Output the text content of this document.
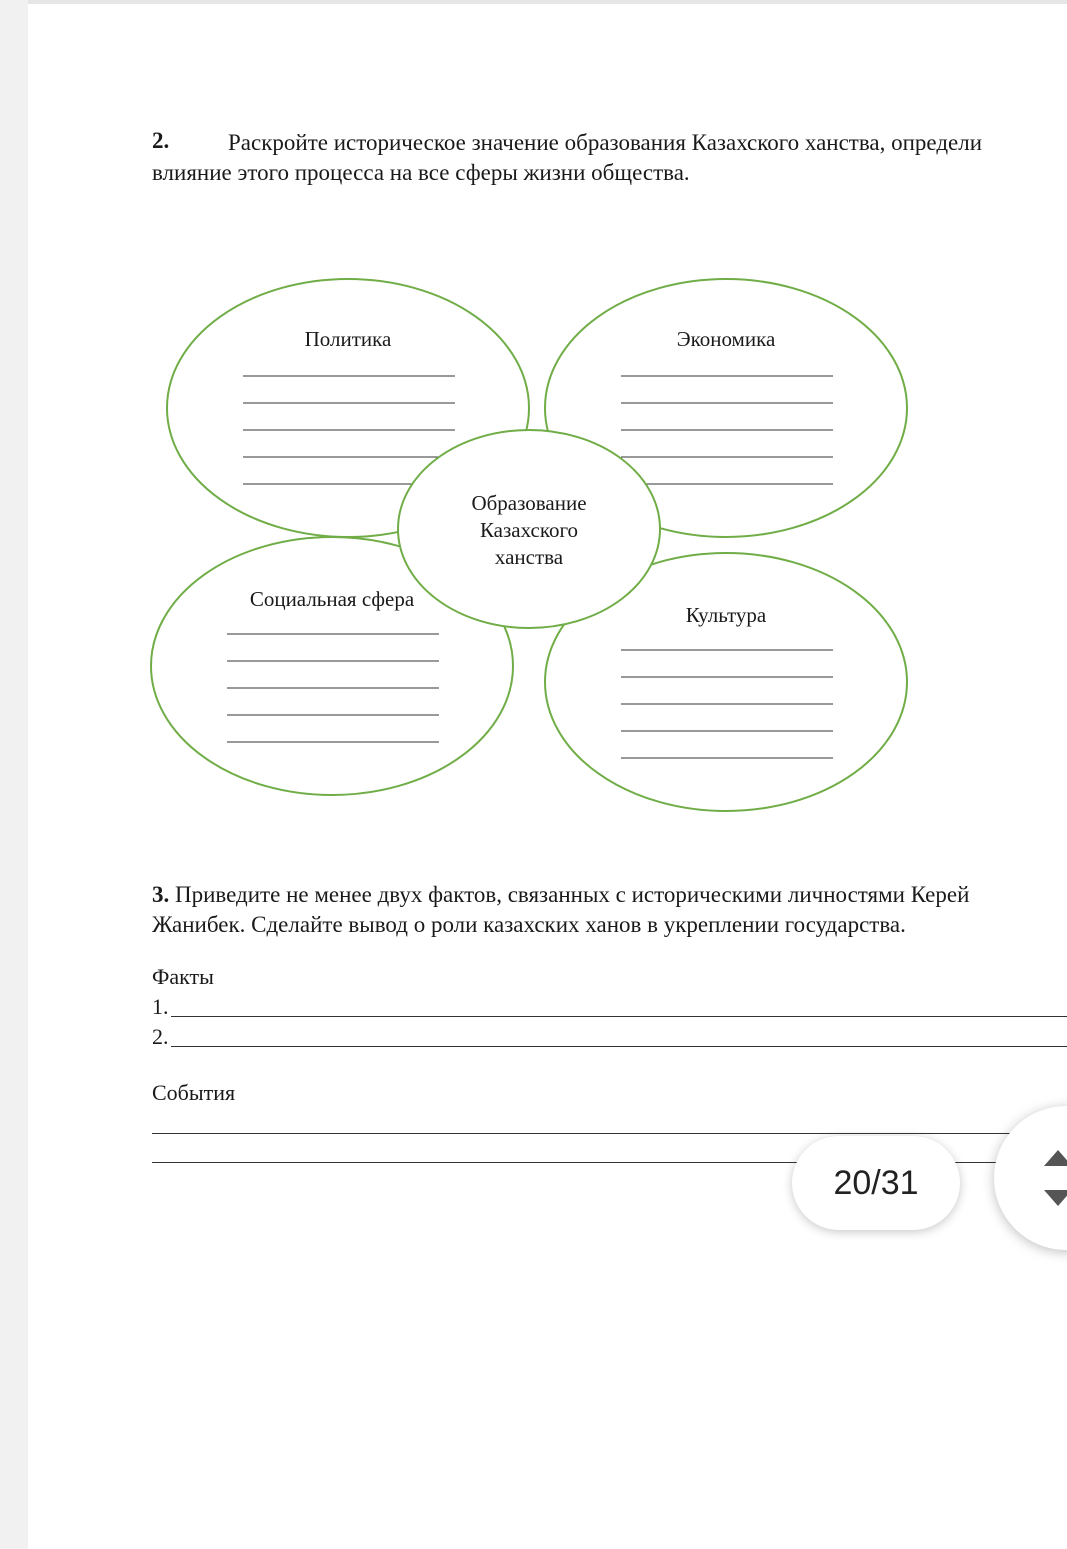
2.	Раскройте историческое значение образования Казахского ханства, определи
влияние этого процесса на все сферы жизни общества.
Политика	Экономика
Социальная сфера
Культура
Образование
Казахского
ханства
3. Приведите не менее двух фактов, связанных с историческими личностями Керей
Жанибек. Сделайте вывод о роли казахских ханов в укреплении государства.
Факты
1.
2.
События
20/31
